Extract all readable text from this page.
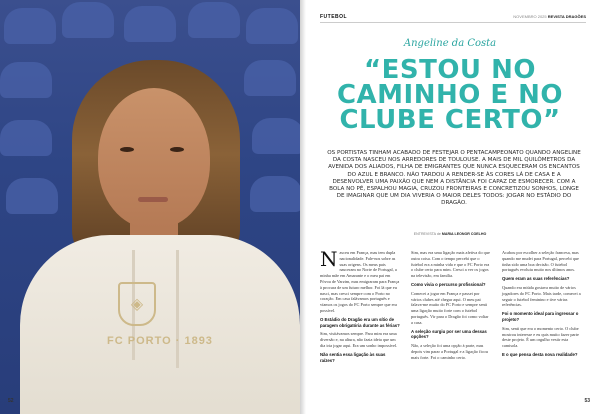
◈
FC PORTO · 1893
52
FUTEBOL	NOVEMBRO 2025 REVISTA DRAGÕES
Angeline da Costa
“ESTOU NO
CAMINHO E NO
CLUBE CERTO”
OS PORTISTAS TINHAM ACABADO DE FESTEJAR O PENTACAMPEONATO QUANDO ANGELINE DA COSTA NASCEU NOS ARREDORES DE TOULOUSE. A MAIS DE MIL QUILÓMETROS DA AVENIDA DOS ALIADOS, FILHA DE EMIGRANTES QUE NUNCA ESQUECERAM OS ENCANTOS DO AZUL E BRANCO. NÃO TARDOU A RENDER-SE ÀS CORES LÁ DE CASA E A DESENVOLVER UMA PAIXÃO QUE NEM A DISTÂNCIA FOI CAPAZ DE ESMORECER. COM A BOLA NO PÉ, ESPALHOU MAGIA, CRUZOU FRONTEIRAS E CONCRETIZOU SONHOS, LONGE DE IMAGINAR QUE UM DIA VIVERIA O MAIOR DELES TODOS: JOGAR NO ESTÁDIO DO DRAGÃO.
ENTREVISTA de MARIA LEONOR COELHO

Nasceu em França, mas tem dupla nacionalidade. Fale-nos sobre as suas origens. Os meus pais nasceram no Norte de Portugal, a minha mãe em Amarante e o meu pai em Póvoa de Varzim, mas emigraram para França à procura de um futuro melhor. Foi lá que eu nasci, mas cresci sempre com o Porto no coração. Em casa falávamos português e víamos os jogos do FC Porto sempre que era possível.

O Estádio do Dragão era um sítio de paragem obrigatória durante as férias?

Sim, visitávamos sempre. Para mim era uma diversão e, na altura, não fazia ideia que um dia iria jogar aqui. Era um sonho impossível.

Não sentia essa ligação às suas raízes?

Sim, mas era uma ligação mais afetiva do que outra coisa. Com o tempo percebi que o futebol era a minha vida e que o FC Porto era o clube certo para mim. Cresci a ver os jogos na televisão, em família.

Como vivia o percurso profissional?

Comecei a jogar em França e passei por vários clubes até chegar aqui. O meu pai falava-me muito do FC Porto e sempre senti uma ligação muito forte com o futebol português. Vir para o Dragão foi como voltar a casa.

A seleção surgiu por ser uma dessas opções?

Não, a seleção foi uma opção à parte, mas depois vim parar a Portugal e a ligação ficou mais forte. Foi o caminho certo.

Acabou por escolher a seleção francesa, mas quando me mudei para Portugal, percebi que tinha sido uma boa decisão. O futebol português evoluiu muito nos últimos anos.

Quem eram as suas referências?

Quando era miúda gostava muito de vários jogadores do FC Porto. Mais tarde, comecei a seguir o futebol feminino e tive várias referências.

Foi o momento ideal para ingressar o projeto?

Sim, senti que era o momento certo. O clube mostrou interesse e eu quis muito fazer parte deste projeto. É um orgulho vestir esta camisola.

E o que pensa desta nova realidade?

53
